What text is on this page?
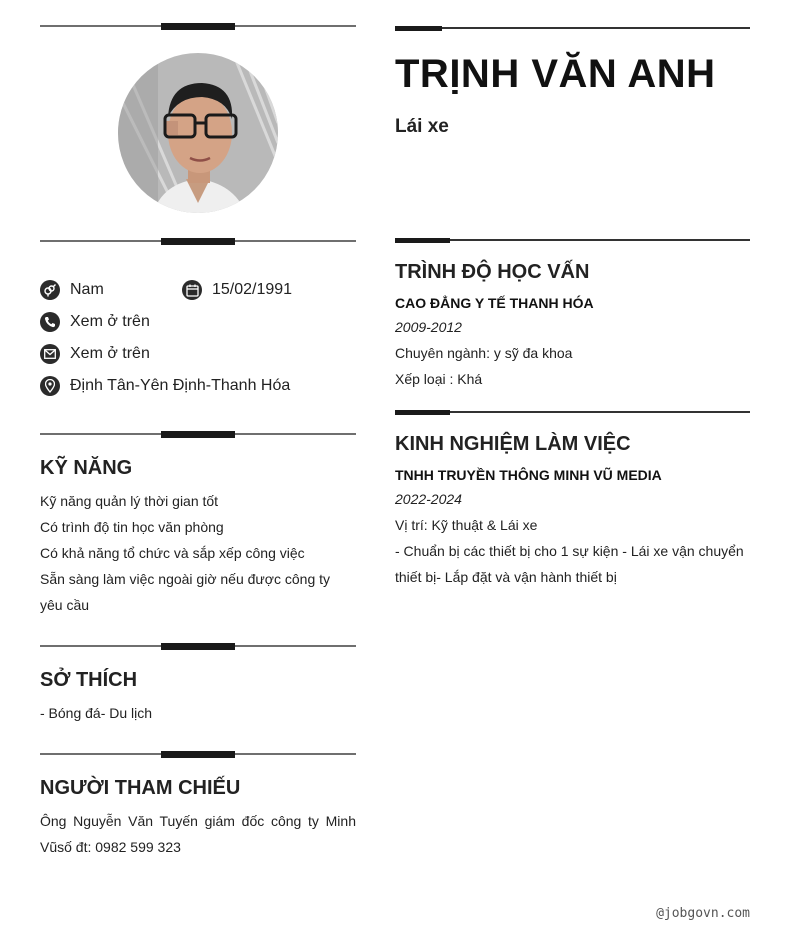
Nam	15/02/1991
Xem ở trên
Xem ở trên
Định Tân-Yên Định-Thanh Hóa
KỸ NĂNG
Kỹ năng quản lý thời gian tốt
Có trình độ tin học văn phòng
Có khả năng tổ chức và sắp xếp công việc
Sẵn sàng làm việc ngoài giờ nếu được công ty yêu cầu
SỞ THÍCH
- Bóng đá- Du lịch
NGƯỜI THAM CHIẾU
Ông Nguyễn Văn Tuyến giám đốc công ty Minh Vũsố đt: 0982 599 323
TRỊNH VĂN ANH
Lái xe
TRÌNH ĐỘ HỌC VẤN
CAO ĐẲNG Y TẾ THANH HÓA
2009-2012
Chuyên ngành: y sỹ đa khoa
Xếp loại : Khá
KINH NGHIỆM LÀM VIỆC
TNHH TRUYỀN THÔNG MINH VŨ MEDIA
2022-2024
Vị trí: Kỹ thuật & Lái xe
- Chuẩn bị các thiết bị cho 1 sự kiện - Lái xe vận chuyển thiết bị- Lắp đặt và vận hành thiết bị
@jobgovn.com
